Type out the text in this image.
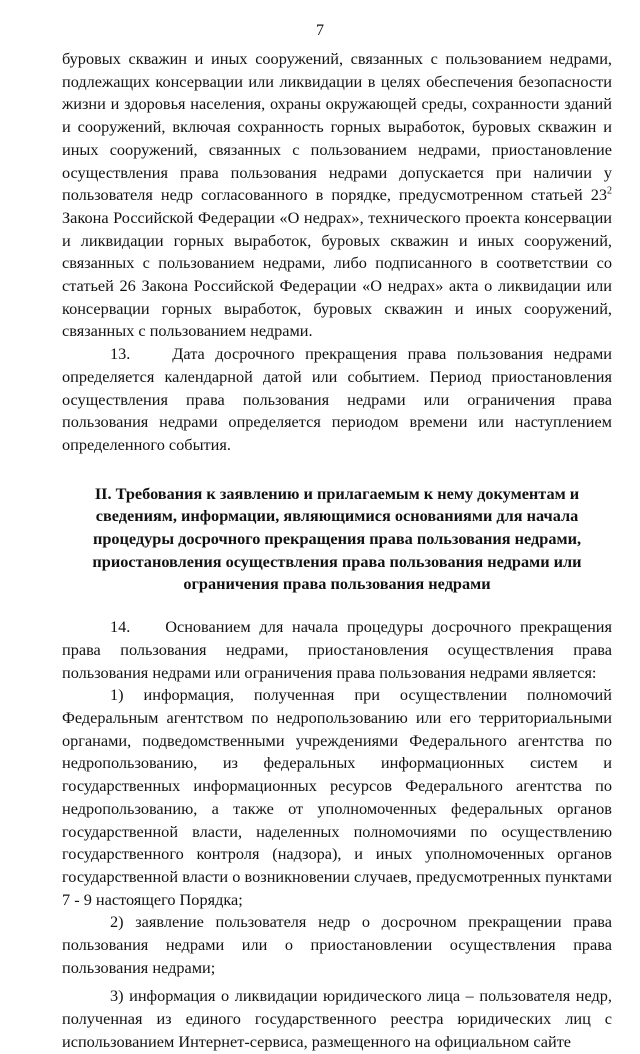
7

буровых скважин и иных сооружений, связанных с пользованием недрами, подлежащих консервации или ликвидации в целях обеспечения безопасности жизни и здоровья населения, охраны окружающей среды, сохранности зданий и сооружений, включая сохранность горных выработок, буровых скважин и иных сооружений, связанных с пользованием недрами, приостановление осуществления права пользования недрами допускается при наличии у пользователя недр согласованного в порядке, предусмотренном статьей $23^2$ Закона Российской Федерации «О недрах», технического проекта консервации и ликвидации горных выработок, буровых скважин и иных сооружений, связанных с пользованием недрами, либо подписанного в соответствии со статьей 26 Закона Российской Федерации «О недрах» акта о ликвидации или консервации горных выработок, буровых скважин и иных сооружений, связанных с пользованием недрами.

13.	Дата досрочного прекращения права пользования недрами определяется календарной датой или событием. Период приостановления осуществления права пользования недрами или ограничения права пользования недрами определяется периодом времени или наступлением определенного события.

II. Требования к заявлению и прилагаемым к нему документам и сведениям, информации, являющимися основаниями для начала процедуры досрочного прекращения права пользования недрами, приостановления осуществления права пользования недрами или ограничения права пользования недрами

14. Основанием для начала процедуры досрочного прекращения права пользования недрами, приостановления осуществления права пользования недрами или ограничения права пользования недрами является:

1) информация, полученная при осуществлении полномочий Федеральным агентством по недропользованию или его территориальными органами, подведомственными учреждениями Федерального агентства по недропользованию, из федеральных информационных систем и государственных информационных ресурсов Федерального агентства по недропользованию, а также от уполномоченных федеральных органов государственной власти, наделенных полномочиями по осуществлению государственного контроля (надзора), и иных уполномоченных органов государственной власти о возникновении случаев, предусмотренных пунктами 7 - 9 настоящего Порядка;

2) заявление пользователя недр о досрочном прекращении права пользования недрами или о приостановлении осуществления права пользования недрами;

3) информация о ликвидации юридического лица – пользователя недр, полученная из единого государственного реестра юридических лиц с использованием Интернет-сервиса, размещенного на официальном сайте
